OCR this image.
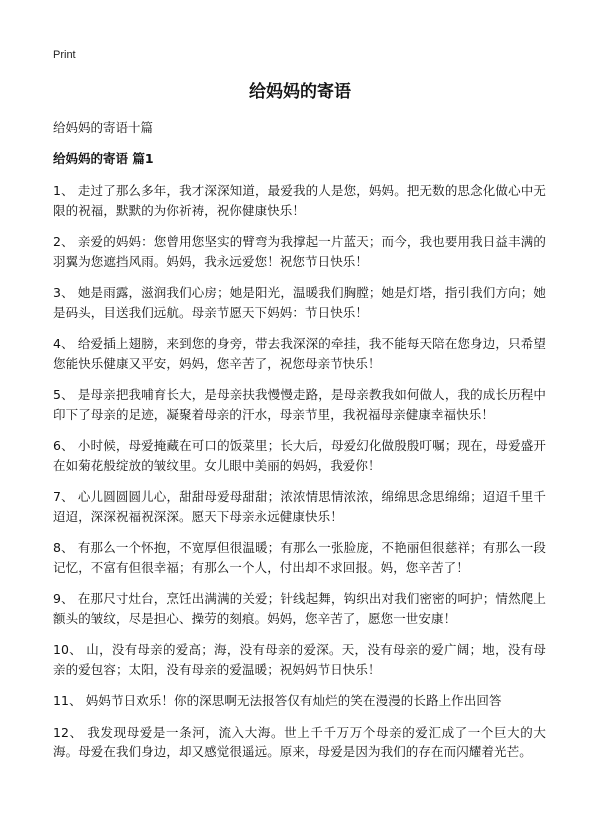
Print
给妈妈的寄语

给妈妈的寄语十篇

给妈妈的寄语 篇1

1、 走过了那么多年，我才深深知道，最爱我的人是您，妈妈。把无数的思念化做心中无限的祝福，默默的为你祈祷，祝你健康快乐！

2、 亲爱的妈妈：您曾用您坚实的臂弯为我撑起一片蓝天；而今，我也要用我日益丰满的羽翼为您遮挡风雨。妈妈，我永远爱您！祝您节日快乐！

3、 她是雨露，滋润我们心房；她是阳光，温暖我们胸膛；她是灯塔，指引我们方向；她是码头，目送我们远航。母亲节愿天下妈妈：节日快乐！

4、 给爱插上翅膀，来到您的身旁，带去我深深的牵挂，我不能每天陪在您身边，只希望您能快乐健康又平安，妈妈，您辛苦了，祝您母亲节快乐！

5、 是母亲把我哺育长大，是母亲扶我慢慢走路，是母亲教我如何做人，我的成长历程中印下了母亲的足迹，凝聚着母亲的汗水，母亲节里，我祝福母亲健康幸福快乐！

6、 小时候，母爱掩藏在可口的饭菜里；长大后，母爱幻化做殷殷叮嘱；现在，母爱盛开在如菊花般绽放的皱纹里。女儿眼中美丽的妈妈，我爱你！

7、 心儿圆圆圆儿心，甜甜母爱母甜甜；浓浓情思情浓浓，绵绵思念思绵绵；迢迢千里千迢迢，深深祝福祝深深。愿天下母亲永远健康快乐！

8、 有那么一个怀抱，不宽厚但很温暖；有那么一张脸庞，不艳丽但很慈祥；有那么一段记忆，不富有但很幸福；有那么一个人，付出却不求回报。妈，您辛苦了！

9、 在那尺寸灶台，烹饪出满满的关爱；针线起舞，钩织出对我们密密的呵护；情然爬上额头的皱纹，尽是担心、操劳的刻痕。妈妈，您辛苦了，愿您一世安康！

10、 山，没有母亲的爱高；海，没有母亲的爱深。天，没有母亲的爱广阔；地，没有母亲的爱包容；太阳，没有母亲的爱温暖；祝妈妈节日快乐！

11、 妈妈节日欢乐！你的深思啊无法报答仅有灿烂的笑在漫漫的长路上作出回答

12、 我发现母爱是一条河，流入大海。世上千千万万个母亲的爱汇成了一个巨大的大海。母爱在我们身边，却又感觉很遥远。原来，母爱是因为我们的存在而闪耀着光芒。
